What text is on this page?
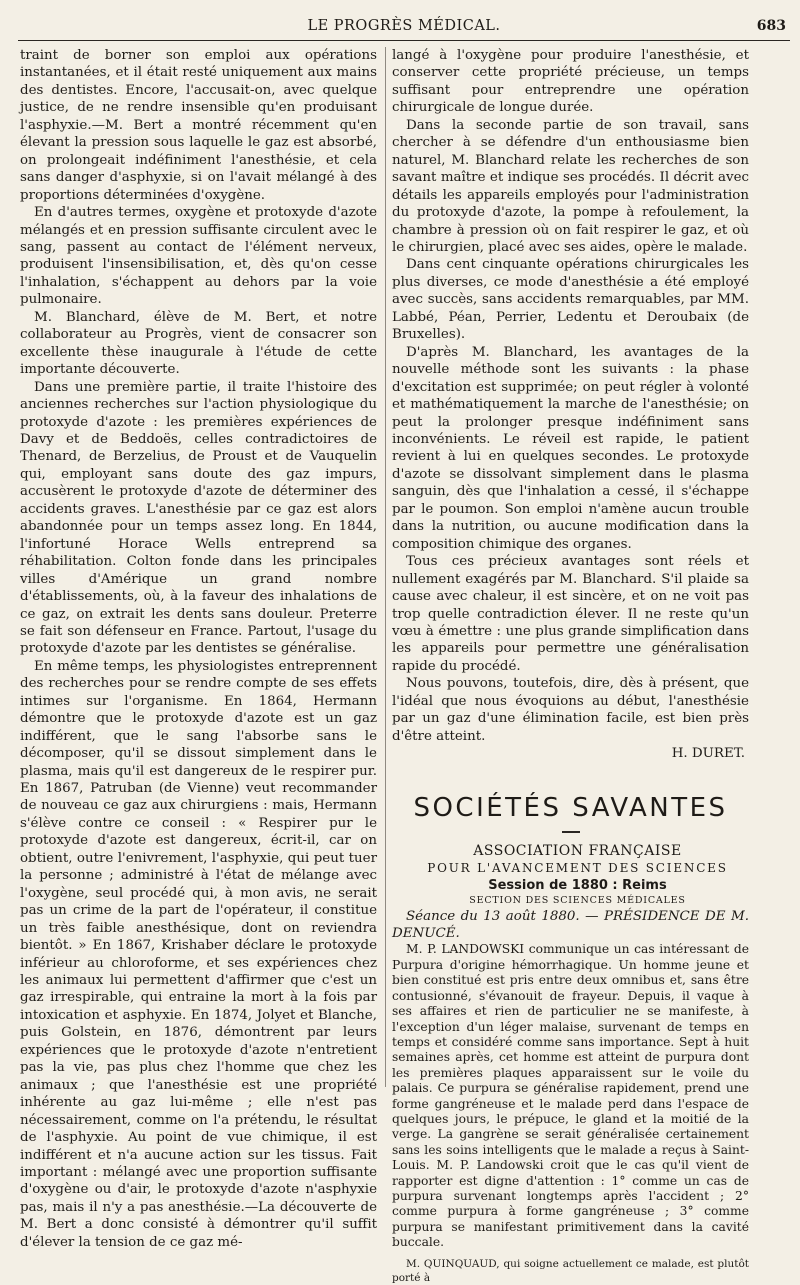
LE PROGRÈS MÉDICAL.	683

traint de borner son emploi aux opérations instantanées, et il était resté uniquement aux mains des dentistes. Encore, l'accusait-on, avec quelque justice, de ne rendre insensible qu'en produisant l'asphyxie.—M. Bert a montré récemment qu'en élevant la pression sous laquelle le gaz est absorbé, on prolongeait indéfiniment l'anesthésie, et cela sans danger d'asphyxie, si on l'avait mélangé à des proportions déterminées d'oxygène.

En d'autres termes, oxygène et protoxyde d'azote mélangés et en pression suffisante circulent avec le sang, passent au contact de l'élément nerveux, produisent l'insensibilisation, et, dès qu'on cesse l'inhalation, s'échappent au dehors par la voie pulmonaire.

M. Blanchard, élève de M. Bert, et notre collaborateur au Progrès, vient de consacrer son excellente thèse inaugurale à l'étude de cette importante découverte.

Dans une première partie, il traite l'histoire des anciennes recherches sur l'action physiologique du protoxyde d'azote : les premières expériences de Davy et de Beddoës, celles contradictoires de Thenard, de Berzelius, de Proust et de Vauquelin qui, employant sans doute des gaz impurs, accusèrent le protoxyde d'azote de déterminer des accidents graves. L'anesthésie par ce gaz est alors abandonnée pour un temps assez long. En 1844, l'infortuné Horace Wells entreprend sa réhabilitation. Colton fonde dans les principales villes d'Amérique un grand nombre d'établissements, où, à la faveur des inhalations de ce gaz, on extrait les dents sans douleur. Preterre se fait son défenseur en France. Partout, l'usage du protoxyde d'azote par les dentistes se généralise.

En même temps, les physiologistes entreprennent des recherches pour se rendre compte de ses effets intimes sur l'organisme. En 1864, Hermann démontre que le protoxyde d'azote est un gaz indifférent, que le sang l'absorbe sans le décomposer, qu'il se dissout simplement dans le plasma, mais qu'il est dangereux de le respirer pur. En 1867, Patruban (de Vienne) veut recommander de nouveau ce gaz aux chirurgiens : mais, Hermann s'élève contre ce conseil : « Respirer pur le protoxyde d'azote est dangereux, écrit-il, car on obtient, outre l'enivrement, l'asphyxie, qui peut tuer la personne ; administré à l'état de mélange avec l'oxygène, seul procédé qui, à mon avis, ne serait pas un crime de la part de l'opérateur, il constitue un très faible anesthésique, dont on reviendra bientôt. » En 1867, Krishaber déclare le protoxyde inférieur au chloroforme, et ses expériences chez les animaux lui permettent d'affirmer que c'est un gaz irrespirable, qui entraine la mort à la fois par intoxication et asphyxie. En 1874, Jolyet et Blanche, puis Golstein, en 1876, démontrent par leurs expériences que le protoxyde d'azote n'entretient pas la vie, pas plus chez l'homme que chez les animaux ; que l'anesthésie est une propriété inhérente au gaz lui-même ; elle n'est pas nécessairement, comme on l'a prétendu, le résultat de l'asphyxie. Au point de vue chimique, il est indifférent et n'a aucune action sur les tissus. Fait important : mélangé avec une proportion suffisante d'oxygène ou d'air, le protoxyde d'azote n'asphyxie pas, mais il n'y a pas anesthésie.—La découverte de M. Bert a donc consisté à démontrer qu'il suffit d'élever la tension de ce gaz mé-

langé à l'oxygène pour produire l'anesthésie, et conserver cette propriété précieuse, un temps suffisant pour entreprendre une opération chirurgicale de longue durée.

Dans la seconde partie de son travail, sans chercher à se défendre d'un enthousiasme bien naturel, M. Blanchard relate les recherches de son savant maître et indique ses procédés. Il décrit avec détails les appareils employés pour l'administration du protoxyde d'azote, la pompe à refoulement, la chambre à pression où on fait respirer le gaz, et où le chirurgien, placé avec ses aides, opère le malade.

Dans cent cinquante opérations chirurgicales les plus diverses, ce mode d'anesthésie a été employé avec succès, sans accidents remarquables, par MM. Labbé, Péan, Perrier, Ledentu et Deroubaix (de Bruxelles).

D'après M. Blanchard, les avantages de la nouvelle méthode sont les suivants : la phase d'excitation est supprimée; on peut régler à volonté et mathématiquement la marche de l'anesthésie; on peut la prolonger presque indéfiniment sans inconvénients. Le réveil est rapide, le patient revient à lui en quelques secondes. Le protoxyde d'azote se dissolvant simplement dans le plasma sanguin, dès que l'inhalation a cessé, il s'échappe par le poumon. Son emploi n'amène aucun trouble dans la nutrition, ou aucune modification dans la composition chimique des organes.

Tous ces précieux avantages sont réels et nullement exagérés par M. Blanchard. S'il plaide sa cause avec chaleur, il est sincère, et on ne voit pas trop quelle contradiction élever. Il ne reste qu'un vœu à émettre : une plus grande simplification dans les appareils pour permettre une généralisation rapide du procédé.

Nous pouvons, toutefois, dire, dès à présent, que l'idéal que nous évoquions au début, l'anesthésie par un gaz d'une élimination facile, est bien près d'être atteint.

H. DURET.

SOCIÉTÉS SAVANTES

ASSOCIATION FRANÇAISE

POUR L'AVANCEMENT DES SCIENCES

Session de 1880 : Reims

SECTION DES SCIENCES MÉDICALES

Séance du 13 août 1880. — PRÉSIDENCE DE M. DENUCÉ.

M. P. LANDOWSKI communique un cas intéressant de Purpura d'origine hémorrhagique. Un homme jeune et bien constitué est pris entre deux omnibus et, sans être contusionné, s'évanouit de frayeur. Depuis, il vaque à ses affaires et rien de particulier ne se manifeste, à l'exception d'un léger malaise, survenant de temps en temps et considéré comme sans importance. Sept à huit semaines après, cet homme est atteint de purpura dont les premières plaques apparaissent sur le voile du palais. Ce purpura se généralise rapidement, prend une forme gangréneuse et le malade perd dans l'espace de quelques jours, le prépuce, le gland et la moitié de la verge. La gangrène se serait généralisée certainement sans les soins intelligents que le malade a reçus à Saint-Louis. M. P. Landowski croit que le cas qu'il vient de rapporter est digne d'attention : 1° comme un cas de purpura survenant longtemps après l'accident ; 2° comme purpura à forme gangréneuse ; 3° comme purpura se manifestant primitivement dans la cavité buccale.

M. QUINQUAUD, qui soigne actuellement ce malade, est plutôt porté à
